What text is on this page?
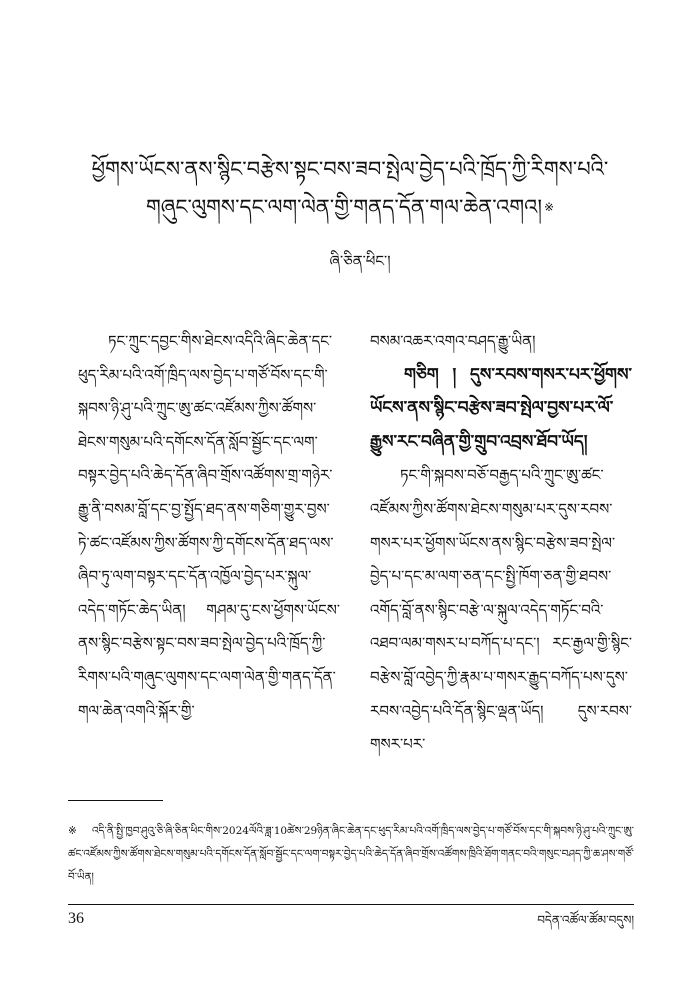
ཕྱོགས་ཡོངས་ནས་སྙིང་བརྩེས་སྟང་བས་ཟབ་སྤེལ་བྱེད་པའི་ཁྲོད་ཀྱི་རིགས་པའི་
གཞུང་ལུགས་དང་ལག་ལེན་གྱི་གནད་དོན་གལ་ཆེན་འགའ། ※
ཞི་ཅིན་ཕིང་།

ཏང་ཀྲུང་དབྱང་གིས་ཐེངས་འདིའི་ཞིང་ཆེན་དང་ཕུད་རིམ་པའི་འགོ་ཁྲིད་ལས་བྱེད་པ་གཙོ་བོས་དང་གི་སྐབས་ཉི་ཤུ་པའི་ཀྲུང་ཨུ་ཚང་འཛོམས་ཀྱིས་ཚོགས་ཐེངས་གསུམ་པའི་དགོངས་དོན་སློབ་སྦྱོང་དང་ལག་བསྟར་བྱེད་པའི་ཆེད་དོན་ཞིབ་གྲོས་འཚོགས་གྲ་གཉེར་རྒྱུ་ནི་བསམ་བློ་དང་བྱ་སྤྱོད་ཐད་ནས་གཅིག་གྱུར་བྱས་ཏེ་ཚང་འཛོམས་ཀྱིས་ཚོགས་ཀྱི་དགོངས་དོན་ཐད་ལས་ཞིབ་ཏུ་ལག་བསྟར་དང་དོན་འཁྱོལ་བྱེད་པར་སྐུལ་འདེད་གཏོང་ཆེད་ཡིན། གཤམ་དུ་ངས་ཕྱོགས་ཡོངས་ནས་སྙིང་བརྩེས་སྟང་བས་ཟབ་སྤེལ་བྱེད་པའི་ཁྲོད་ཀྱི་རིགས་པའི་གཞུང་ལུགས་དང་ལག་ལེན་གྱི་གནད་དོན་གལ་ཆེན་འགའི་སྐོར་གྱི་

བསམ་འཆར་འགའ་བཤད་རྒྱུ་ཡིན།

གཅིག ། དུས་རབས་གསར་པར་ཕྱོགས་ཡོངས་ནས་སྙིང་བརྩེས་ཟབ་སྤེལ་བྱས་པར་ལོ་རྒྱུས་རང་བཞིན་གྱི་གྲུབ་འབྲས་ཐོབ་ཡོད།

ཏང་གི་སྐབས་བཅོ་བརྒྱད་པའི་ཀྲུང་ཨུ་ཚང་འཛོམས་ཀྱིས་ཚོགས་ཐེངས་གསུམ་པར་དུས་རབས་གསར་པར་ཕྱོགས་ཡོངས་ནས་སྙིང་བརྩེས་ཟབ་སྤེལ་བྱེད་པ་དང་མ་ལག་ཅན་དང་སྤྱི་ཁོག་ཅན་གྱི་ཐབས་འགོད་བློ་ནས་སྙིང་བརྩེ་ལ་སྐུལ་འདེད་གཏོང་བའི་འཐབ་ལམ་གསར་པ་བཀོད་པ་དང་། རང་རྒྱལ་གྱི་སྙིང་བརྩེས་བློ་འབྱེད་ཀྱི་རྣམ་པ་གསར་རྒྱུད་བཀོད་པས་དུས་རབས་འབྱེད་པའི་དོན་སྙིང་ལྡན་ཡོད། དུས་རབས་གསར་པར་

※འདི་ནི་སྤྱི་ཁྱབ་ཤུའུ་ཅི་ཞི་ཅིན་ཕིང་གིས་2024ལོའི་ཟླ་10ཚེས་29ཉིན་ཞིང་ཆེན་དང་ཕུད་རིམ་པའི་འགོ་ཁྲིད་ལས་བྱེད་པ་གཙོ་བོས་དང་གི་སྐབས་ཉི་ཤུ་པའི་ཀྲུང་ཨུ་ཚང་འཛོམས་ཀྱིས་ཚོགས་ཐེངས་གསུམ་པའི་དགོངས་དོན་སློབ་སྦྱོང་དང་ལག་བསྟར་བྱེད་པའི་ཆེད་དོན་ཞིབ་གྲོས་འཚོགས་ཁྲིའི་ཐོག་གནང་བའི་གསུང་བཤད་ཀྱི་ཆ་ཤས་གཙོ་བོ་ཡིན།
36	བདེན་འཚོལ་ཚོམ་བདུས།
